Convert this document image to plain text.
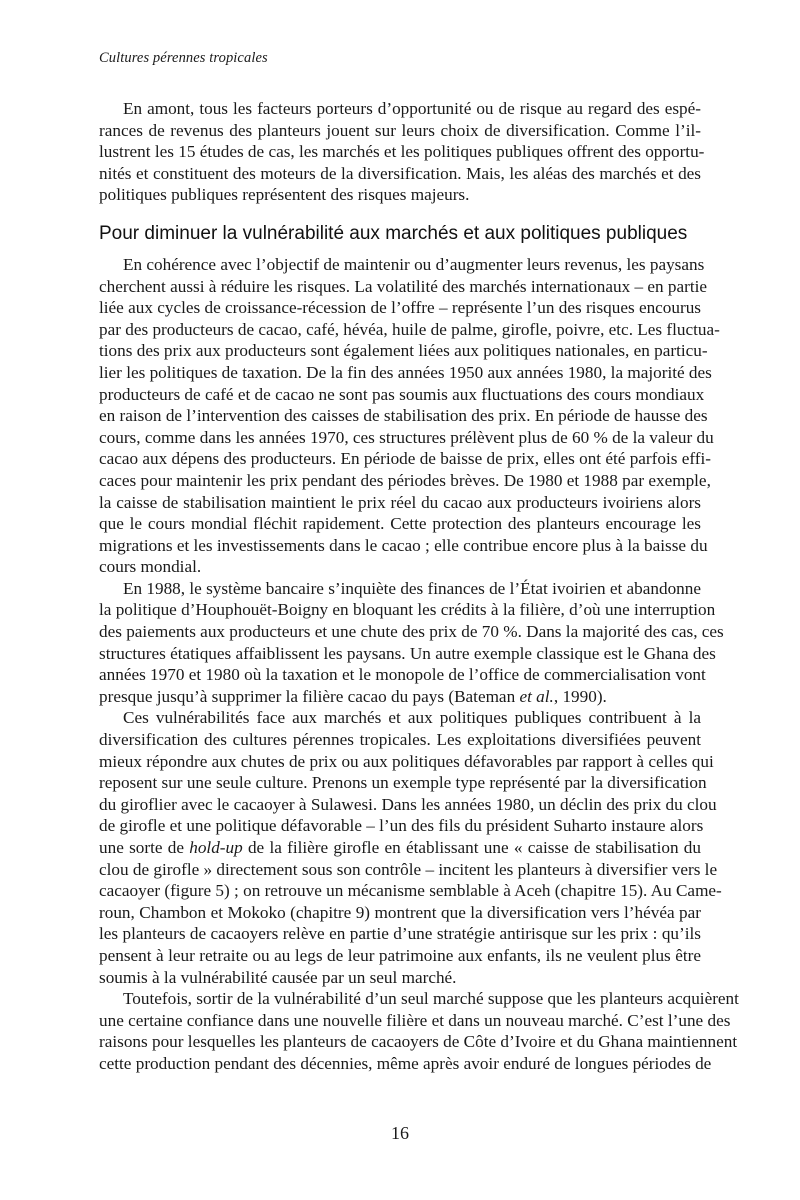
Cultures pérennes tropicales
En amont, tous les facteurs porteurs d’opportunité ou de risque au regard des espé-
rances de revenus des planteurs jouent sur leurs choix de diversification. Comme l’il-
lustrent les 15 études de cas, les marchés et les politiques publiques offrent des opportu-
nités et constituent des moteurs de la diversification. Mais, les aléas des marchés et des
politiques publiques représentent des risques majeurs.
Pour diminuer la vulnérabilité aux marchés et aux politiques publiques
En cohérence avec l’objectif de maintenir ou d’augmenter leurs revenus, les paysans
cherchent aussi à réduire les risques. La volatilité des marchés internationaux – en partie
liée aux cycles de croissance-récession de l’offre – représente l’un des risques encourus
par des producteurs de cacao, café, hévéa, huile de palme, girofle, poivre, etc. Les fluctua-
tions des prix aux producteurs sont également liées aux politiques nationales, en particu-
lier les politiques de taxation. De la fin des années 1950 aux années 1980, la majorité des
producteurs de café et de cacao ne sont pas soumis aux fluctuations des cours mondiaux
en raison de l’intervention des caisses de stabilisation des prix. En période de hausse des
cours, comme dans les années 1970, ces structures prélèvent plus de 60 % de la valeur du
cacao aux dépens des producteurs. En période de baisse de prix, elles ont été parfois effi-
caces pour maintenir les prix pendant des périodes brèves. De 1980 et 1988 par exemple,
la caisse de stabilisation maintient le prix réel du cacao aux producteurs ivoiriens alors
que le cours mondial fléchit rapidement. Cette protection des planteurs encourage les
migrations et les investissements dans le cacao ; elle contribue encore plus à la baisse du
cours mondial.
En 1988, le système bancaire s’inquiète des finances de l’État ivoirien et abandonne
la politique d’Houphouët-Boigny en bloquant les crédits à la filière, d’où une interruption
des paiements aux producteurs et une chute des prix de 70 %. Dans la majorité des cas, ces
structures étatiques affaiblissent les paysans. Un autre exemple classique est le Ghana des
années 1970 et 1980 où la taxation et le monopole de l’office de commercialisation vont
presque jusqu’à supprimer la filière cacao du pays (Bateman et al., 1990).
Ces vulnérabilités face aux marchés et aux politiques publiques contribuent à la
diversification des cultures pérennes tropicales. Les exploitations diversifiées peuvent
mieux répondre aux chutes de prix ou aux politiques défavorables par rapport à celles qui
reposent sur une seule culture. Prenons un exemple type représenté par la diversification
du giroflier avec le cacaoyer à Sulawesi. Dans les années 1980, un déclin des prix du clou
de girofle et une politique défavorable – l’un des fils du président Suharto instaure alors
une sorte de hold-up de la filière girofle en établissant une « caisse de stabilisation du
clou de girofle » directement sous son contrôle – incitent les planteurs à diversifier vers le
cacaoyer (figure 5) ; on retrouve un mécanisme semblable à Aceh (chapitre 15). Au Came-
roun, Chambon et Mokoko (chapitre 9) montrent que la diversification vers l’hévéa par
les planteurs de cacaoyers relève en partie d’une stratégie antirisque sur les prix : qu’ils
pensent à leur retraite ou au legs de leur patrimoine aux enfants, ils ne veulent plus être
soumis à la vulnérabilité causée par un seul marché.
Toutefois, sortir de la vulnérabilité d’un seul marché suppose que les planteurs acquièrent
une certaine confiance dans une nouvelle filière et dans un nouveau marché. C’est l’une des
raisons pour lesquelles les planteurs de cacaoyers de Côte d’Ivoire et du Ghana maintiennent
cette production pendant des décennies, même après avoir enduré de longues périodes de
16
